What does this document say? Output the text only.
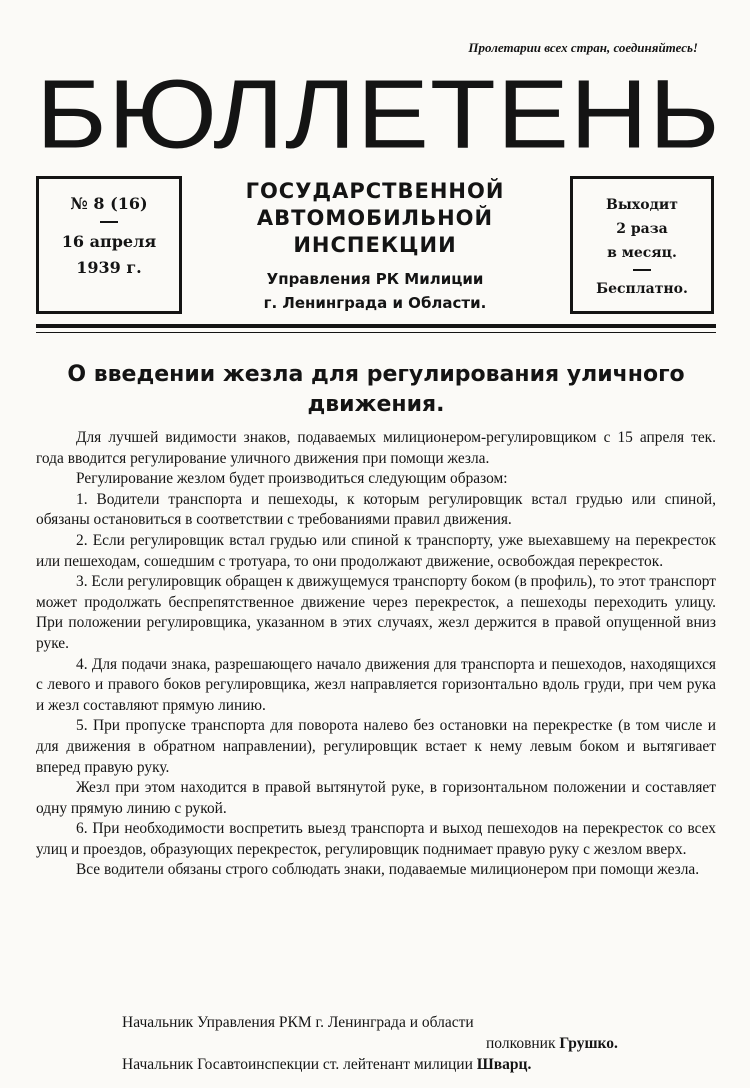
Пролетарии всех стран, соединяйтесь!
БЮЛЛЕТЕНЬ
№ 8 (16)
16 апреля
1939 г.
ГОСУДАРСТВЕННОЙ
АВТОМОБИЛЬНОЙ
ИНСПЕКЦИИ
Управления РК Милиции
г. Ленинграда и Области.
Выходит
2 раза
в месяц.
Бесплатно.
О введении жезла для регулирования уличного движения.

Для лучшей видимости знаков, подаваемых милиционером-регулировщиком с 15 апреля тек. года вводится регулирование уличного движения при помощи жезла.

Регулирование жезлом будет производиться следующим образом:

1. Водители транспорта и пешеходы, к которым регулировщик встал грудью или спиной, обязаны остановиться в соответствии с требованиями правил движения.

2. Если регулировщик встал грудью или спиной к транспорту, уже выехавшему на перекресток или пешеходам, сошедшим с тротуара, то они продолжают движение, освобождая перекресток.

3. Если регулировщик обращен к движущемуся транспорту боком (в профиль), то этот транспорт может продолжать беспрепятственное движение через перекресток, а пешеходы переходить улицу. При положении регулировщика, указанном в этих случаях, жезл держится в правой опущенной вниз руке.

4. Для подачи знака, разрешающего начало движения для транспорта и пешеходов, находящихся с левого и правого боков регулировщика, жезл направляется горизонтально вдоль груди, при чем рука и жезл составляют прямую линию.

5. При пропуске транспорта для поворота налево без остановки на перекрестке (в том числе и для движения в обратном направлении), регулировщик встает к нему левым боком и вытягивает вперед правую руку.

Жезл при этом находится в правой вытянутой руке, в горизонтальном положении и составляет одну прямую линию с рукой.

6. При необходимости воспретить выезд транспорта и выход пешеходов на перекресток со всех улиц и проездов, образующих перекресток, регулировщик поднимает правую руку с жезлом вверх.

Все водители обязаны строго соблюдать знаки, подаваемые милиционером при помощи жезла.

Начальник Управления РКМ г. Ленинграда и области
полковник Грушко.
Начальник Госавтоинспекции ст. лейтенант милиции Шварц.
